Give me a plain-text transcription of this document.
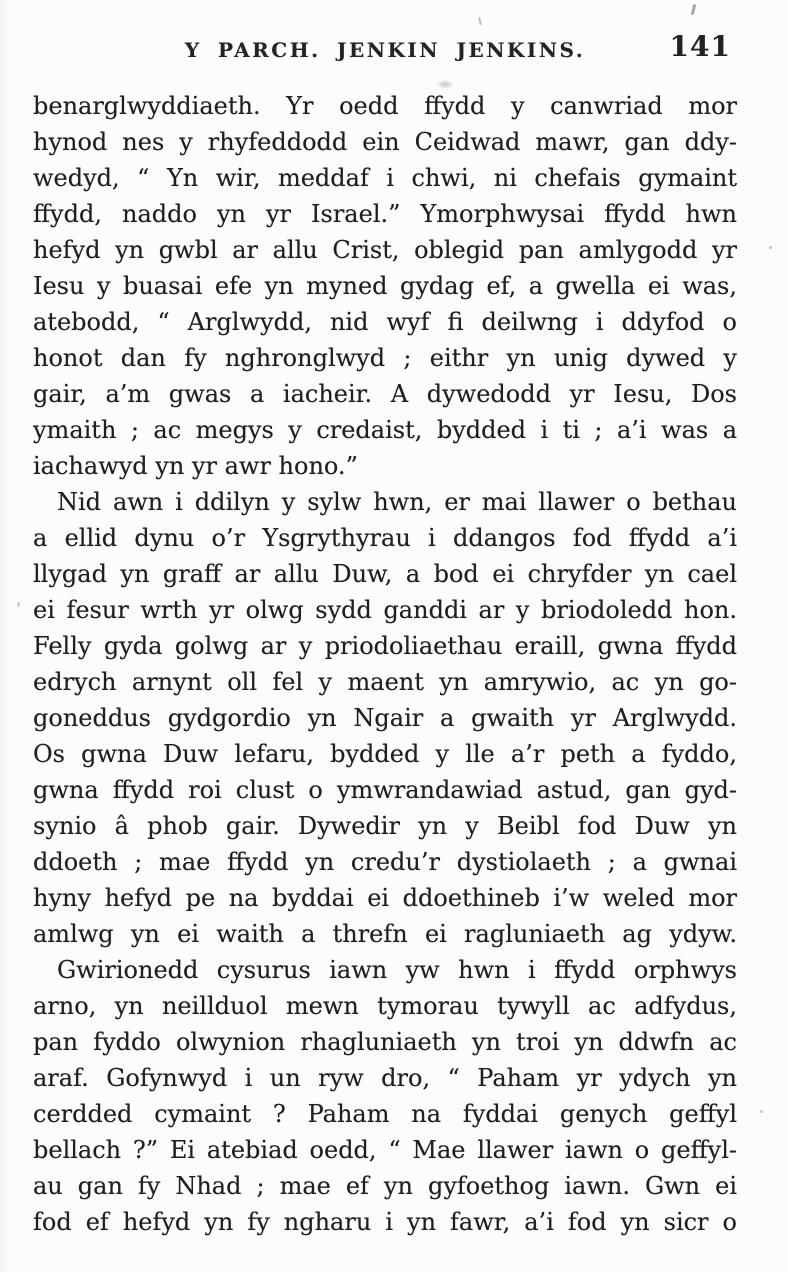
Y PARCH. JENKIN JENKINS.	141
benarglwyddiaeth. Yr oedd ffydd y canwriad mor
hynod nes y rhyfeddodd ein Ceidwad mawr, gan ddy-
wedyd, “ Yn wir, meddaf i chwi, ni chefais gymaint
ffydd, naddo yn yr Israel.” Ymorphwysai ffydd hwn
hefyd yn gwbl ar allu Crist, oblegid pan amlygodd yr
Iesu y buasai efe yn myned gydag ef, a gwella ei was,
atebodd, “ Arglwydd, nid wyf fi deilwng i ddyfod o
honot dan fy nghronglwyd ; eithr yn unig dywed y
gair, a’m gwas a iacheir. A dywedodd yr Iesu, Dos
ymaith ; ac megys y credaist, bydded i ti ; a’i was a
iachawyd yn yr awr hono.”
Nid awn i ddilyn y sylw hwn, er mai llawer o bethau
a ellid dynu o’r Ysgrythyrau i ddangos fod ffydd a’i
llygad yn graff ar allu Duw, a bod ei chryfder yn cael
ei fesur wrth yr olwg sydd ganddi ar y briodoledd hon.
Felly gyda golwg ar y priodoliaethau eraill, gwna ffydd
edrych arnynt oll fel y maent yn amrywio, ac yn go-
goneddus gydgordio yn Ngair a gwaith yr Arglwydd.
Os gwna Duw lefaru, bydded y lle a’r peth a fyddo,
gwna ffydd roi clust o ymwrandawiad astud, gan gyd-
synio â phob gair. Dywedir yn y Beibl fod Duw yn
ddoeth ; mae ffydd yn credu’r dystiolaeth ; a gwnai
hyny hefyd pe na byddai ei ddoethineb i’w weled mor
amlwg yn ei waith a threfn ei ragluniaeth ag ydyw.
Gwirionedd cysurus iawn yw hwn i ffydd orphwys
arno, yn neillduol mewn tymorau tywyll ac adfydus,
pan fyddo olwynion rhagluniaeth yn troi yn ddwfn ac
araf. Gofynwyd i un ryw dro, “ Paham yr ydych yn
cerdded cymaint ? Paham na fyddai genych geffyl
bellach ?” Ei atebiad oedd, “ Mae llawer iawn o geffyl-
au gan fy Nhad ; mae ef yn gyfoethog iawn. Gwn ei
fod ef hefyd yn fy ngharu i yn fawr, a’i fod yn sicr o
